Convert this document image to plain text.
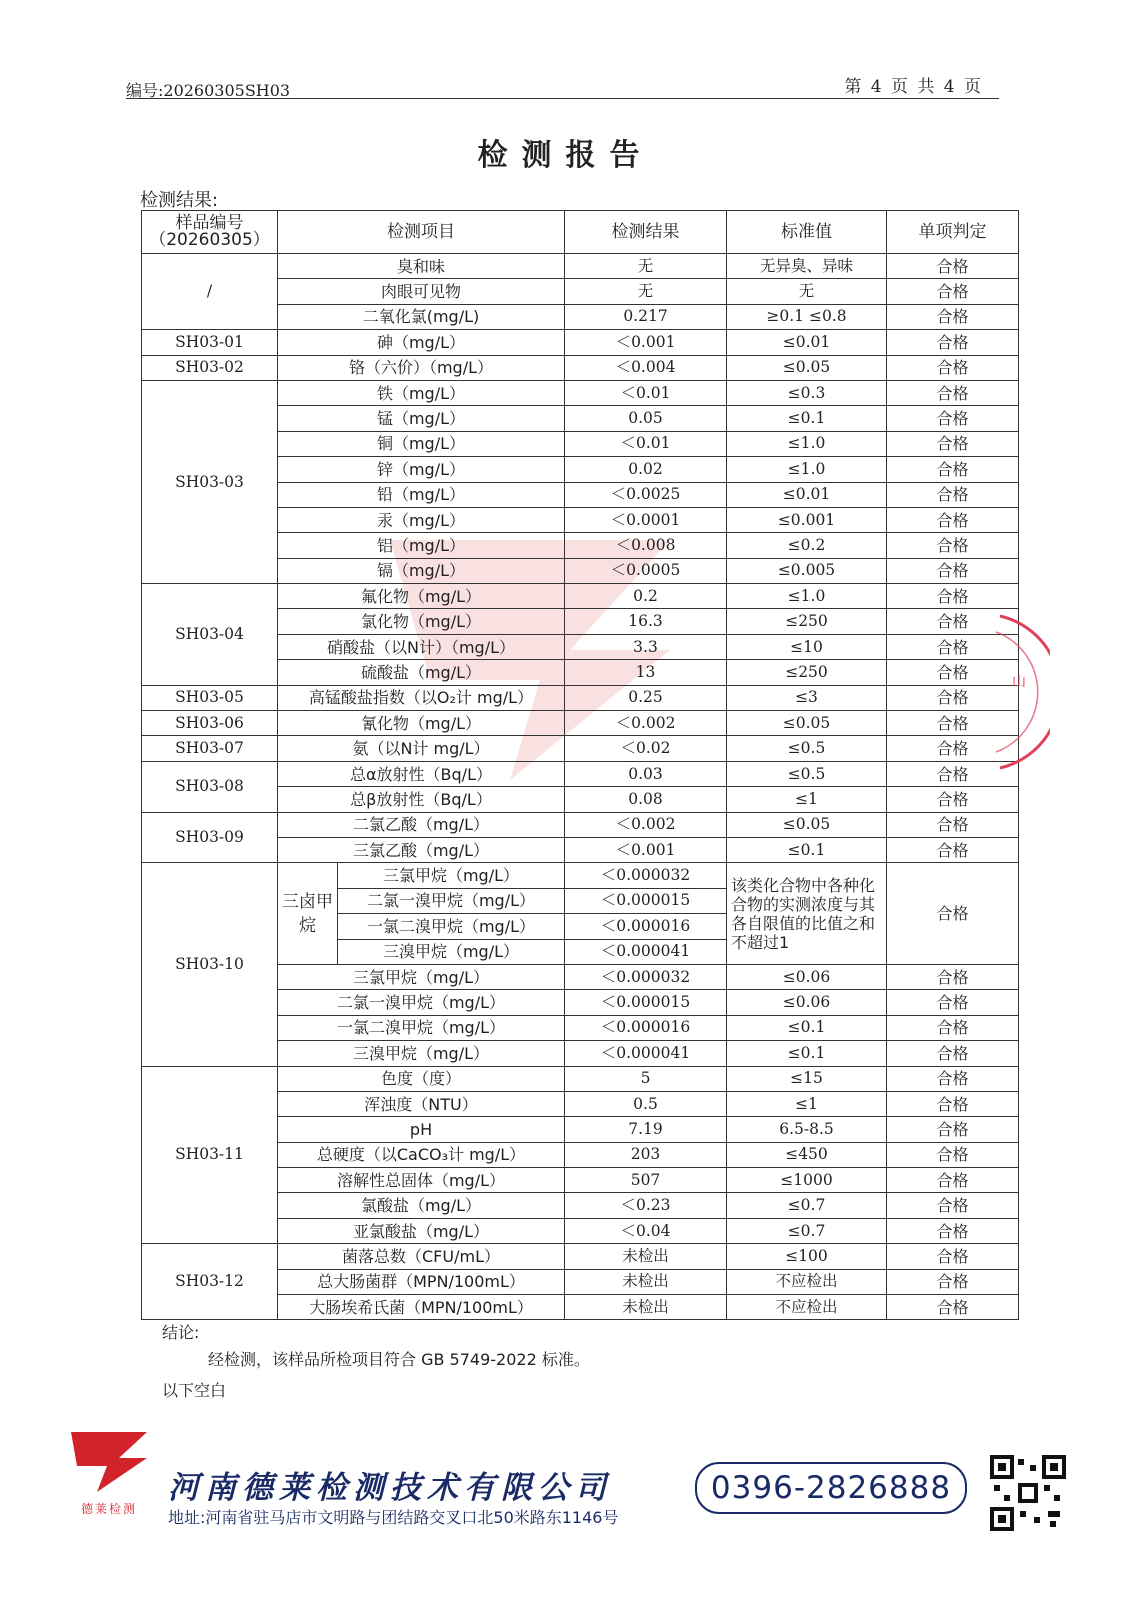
编号:20260305SH03	第 4 页 共 4 页
检测报告
检测结果:
样品编号
（20260305）	检测项目		检测结果	标准值	单项判定
/	臭和味		无	无异臭、异味	合格
	肉眼可见物		无	无	合格
	二氧化氯(mg/L)		0.217	≥0.1 ≤0.8	合格
SH03-01	砷（mg/L）		＜0.001	≤0.01	合格
SH03-02	铬（六价）（mg/L）		＜0.004	≤0.05	合格
SH03-03	铁（mg/L）		＜0.01	≤0.3	合格
	锰（mg/L）		0.05	≤0.1	合格
	铜（mg/L）		＜0.01	≤1.0	合格
	锌（mg/L）		0.02	≤1.0	合格
	铅（mg/L）		＜0.0025	≤0.01	合格
	汞（mg/L）		＜0.0001	≤0.001	合格
	铝（mg/L）		＜0.008	≤0.2	合格
	镉（mg/L）		＜0.0005	≤0.005	合格
SH03-04	氟化物（mg/L）		0.2	≤1.0	合格
	氯化物（mg/L）		16.3	≤250	合格
	硝酸盐（以N计）（mg/L）		3.3	≤10	合格
	硫酸盐（mg/L）		13	≤250	合格
SH03-05	高锰酸盐指数（以O₂计 mg/L）		0.25	≤3	合格
SH03-06	氰化物（mg/L）		＜0.002	≤0.05	合格
SH03-07	氨（以N计 mg/L）		＜0.02	≤0.5	合格
SH03-08	总α放射性（Bq/L）		0.03	≤0.5	合格
	总β放射性（Bq/L）		0.08	≤1	合格
SH03-09	二氯乙酸（mg/L）		＜0.002	≤0.05	合格
	三氯乙酸（mg/L）		＜0.001	≤0.1	合格
SH03-10	三卤甲烷	三氯甲烷（mg/L）	＜0.000032	该类化合物中各种化合物的实测浓度与其各自限值的比值之和不超过1	合格
		二氯一溴甲烷（mg/L）	＜0.000015		
		一氯二溴甲烷（mg/L）	＜0.000016		
		三溴甲烷（mg/L）	＜0.000041		
	三氯甲烷（mg/L）		＜0.000032	≤0.06	合格
	二氯一溴甲烷（mg/L）		＜0.000015	≤0.06	合格
	一氯二溴甲烷（mg/L）		＜0.000016	≤0.1	合格
	三溴甲烷（mg/L）		＜0.000041	≤0.1	合格
SH03-11	色度（度）		5	≤15	合格
	浑浊度（NTU）		0.5	≤1	合格
	pH		7.19	6.5-8.5	合格
	总硬度（以CaCO₃计 mg/L）		203	≤450	合格
	溶解性总固体（mg/L）		507	≤1000	合格
	氯酸盐（mg/L）		＜0.23	≤0.7	合格
	亚氯酸盐（mg/L）		＜0.04	≤0.7	合格
SH03-12	菌落总数（CFU/mL）		未检出	≤100	合格
	总大肠菌群（MPN/100mL）		未检出	不应检出	合格
	大肠埃希氏菌（MPN/100mL）		未检出	不应检出	合格
结论:
经检测，该样品所检项目符合 GB 5749-2022 标准。
以下空白
山
德莱检测
河南德莱检测技术有限公司
地址:河南省驻马店市文明路与团结路交叉口北50米路东1146号
0396-2826888
